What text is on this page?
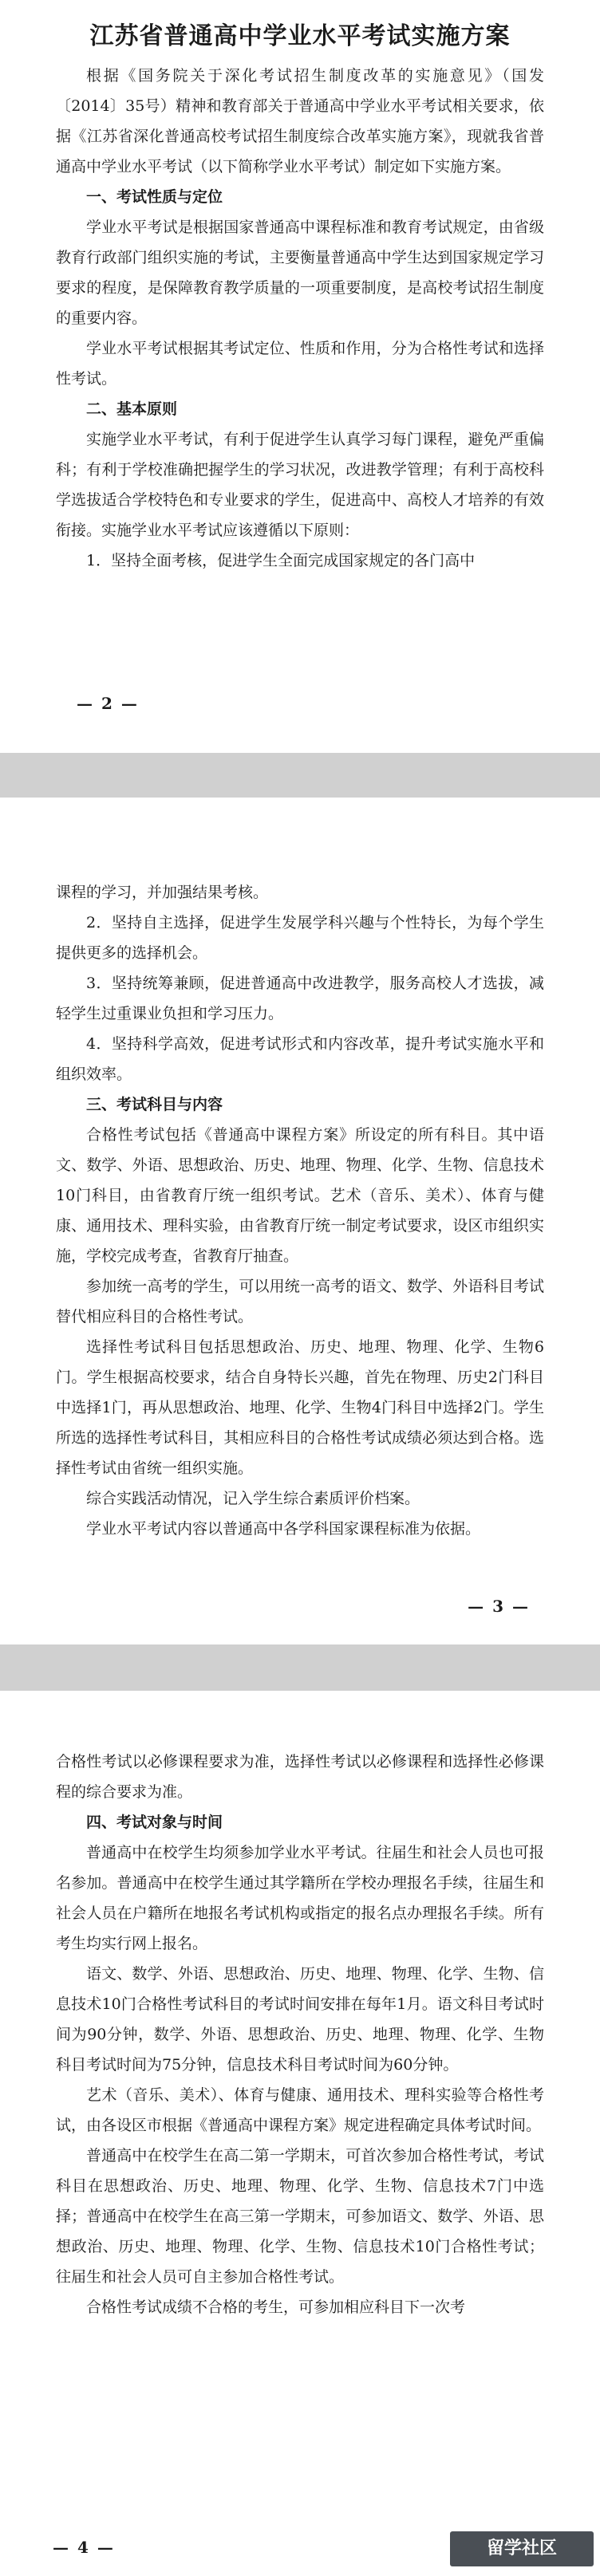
江苏省普通高中学业水平考试实施方案

根据《国务院关于深化考试招生制度改革的实施意见》（国发〔2014〕35号）精神和教育部关于普通高中学业水平考试相关要求，依据《江苏省深化普通高校考试招生制度综合改革实施方案》，现就我省普通高中学业水平考试（以下简称学业水平考试）制定如下实施方案。

一、考试性质与定位

学业水平考试是根据国家普通高中课程标准和教育考试规定，由省级教育行政部门组织实施的考试，主要衡量普通高中学生达到国家规定学习要求的程度，是保障教育教学质量的一项重要制度，是高校考试招生制度的重要内容。

学业水平考试根据其考试定位、性质和作用，分为合格性考试和选择性考试。

二、基本原则

实施学业水平考试，有利于促进学生认真学习每门课程，避免严重偏科；有利于学校准确把握学生的学习状况，改进教学管理；有利于高校科学选拔适合学校特色和专业要求的学生，促进高中、高校人才培养的有效衔接。实施学业水平考试应该遵循以下原则：

1．坚持全面考核，促进学生全面完成国家规定的各门高中

— 2 —

课程的学习，并加强结果考核。

2．坚持自主选择，促进学生发展学科兴趣与个性特长，为每个学生提供更多的选择机会。

3．坚持统筹兼顾，促进普通高中改进教学，服务高校人才选拔，减轻学生过重课业负担和学习压力。

4．坚持科学高效，促进考试形式和内容改革，提升考试实施水平和组织效率。

三、考试科目与内容

合格性考试包括《普通高中课程方案》所设定的所有科目。其中语文、数学、外语、思想政治、历史、地理、物理、化学、生物、信息技术10门科目，由省教育厅统一组织考试。艺术（音乐、美术）、体育与健康、通用技术、理科实验，由省教育厅统一制定考试要求，设区市组织实施，学校完成考查，省教育厅抽查。

参加统一高考的学生，可以用统一高考的语文、数学、外语科目考试替代相应科目的合格性考试。

选择性考试科目包括思想政治、历史、地理、物理、化学、生物6门。学生根据高校要求，结合自身特长兴趣，首先在物理、历史2门科目中选择1门，再从思想政治、地理、化学、生物4门科目中选择2门。学生所选的选择性考试科目，其相应科目的合格性考试成绩必须达到合格。选择性考试由省统一组织实施。

综合实践活动情况，记入学生综合素质评价档案。

学业水平考试内容以普通高中各学科国家课程标准为依据。

— 3 —

合格性考试以必修课程要求为准，选择性考试以必修课程和选择性必修课程的综合要求为准。

四、考试对象与时间

普通高中在校学生均须参加学业水平考试。往届生和社会人员也可报名参加。普通高中在校学生通过其学籍所在学校办理报名手续，往届生和社会人员在户籍所在地报名考试机构或指定的报名点办理报名手续。所有考生均实行网上报名。

语文、数学、外语、思想政治、历史、地理、物理、化学、生物、信息技术10门合格性考试科目的考试时间安排在每年1月。语文科目考试时间为90分钟，数学、外语、思想政治、历史、地理、物理、化学、生物科目考试时间为75分钟，信息技术科目考试时间为60分钟。

艺术（音乐、美术）、体育与健康、通用技术、理科实验等合格性考试，由各设区市根据《普通高中课程方案》规定进程确定具体考试时间。

普通高中在校学生在高二第一学期末，可首次参加合格性考试，考试科目在思想政治、历史、地理、物理、化学、生物、信息技术7门中选择；普通高中在校学生在高三第一学期末，可参加语文、数学、外语、思想政治、历史、地理、物理、化学、生物、信息技术10门合格性考试；往届生和社会人员可自主参加合格性考试。

合格性考试成绩不合格的考生，可参加相应科目下一次考

— 4 —	留学社区
